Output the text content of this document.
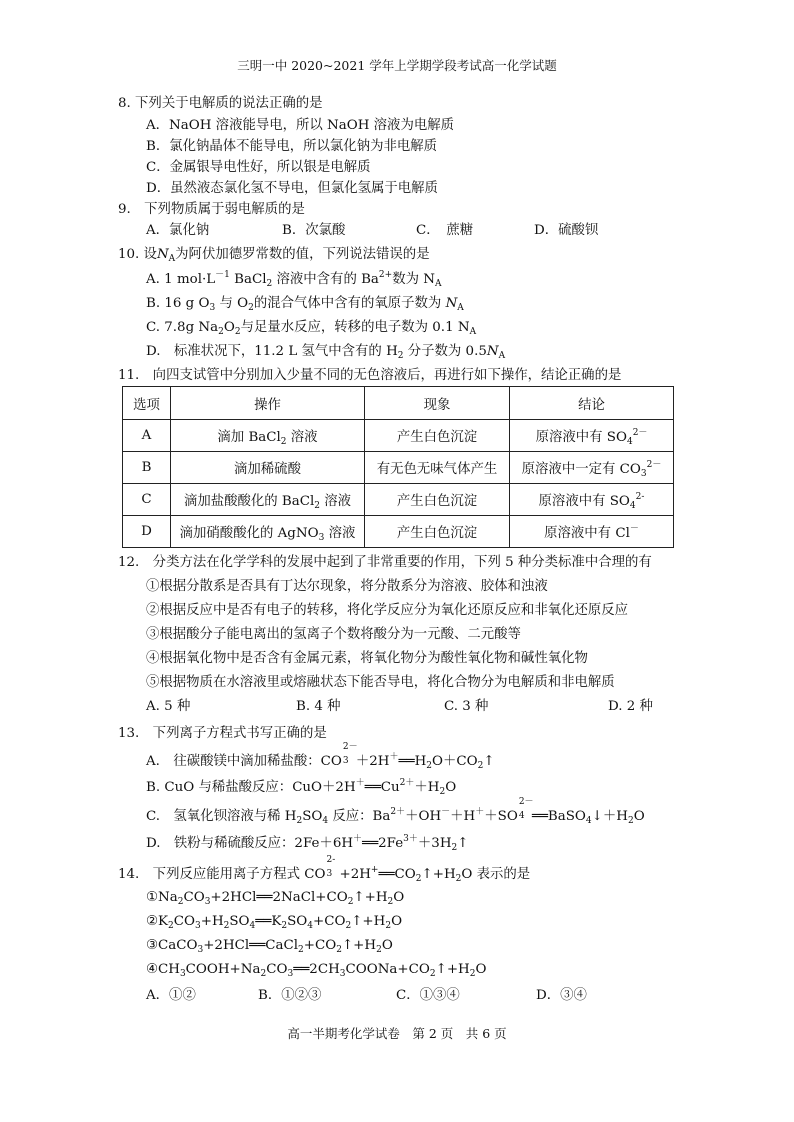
三明一中 2020~2021 学年上学期学段考试高一化学试题
8. 下列关于电解质的说法正确的是
A．NaOH 溶液能导电，所以 NaOH 溶液为电解质
B．氯化钠晶体不能导电，所以氯化钠为非电解质
C．金属银导电性好，所以银是电解质
D．虽然液态氯化氢不导电，但氯化氢属于电解质
9.　下列物质属于弱电解质的是
A．氯化钠	B．次氯酸	C．　蔗糖	D．硫酸钡
10. 设$N_A$为阿伏加德罗常数的值，下列说法错误的是
A. 1 $mol\cdot L^{-1}$ BaCl$_2$ 溶液中含有的 $Ba^{2+}$数为 $N_A$
B. 16 g $O_3$ 与 $O_2$的混合气体中含有的氧原子数为 $N_A$
C. 7.8g $Na_2O_2$与足量水反应，转移的电子数为 0.1 $N_A$
D.　标准状况下，11.2 L 氢气中含有的 $H_2$ 分子数为 $0.5N_A$
11.　向四支试管中分别加入少量不同的无色溶液后，再进行如下操作，结论正确的是
选项	操作	现象	结论
A	滴加 BaCl$_2$ 溶液	产生白色沉淀	原溶液中有 $SO_4^{2-}$
B	滴加稀硫酸	有无色无味气体产生	原溶液中一定有 $CO_3^{2-}$
C	滴加盐酸酸化的 BaCl$_2$ 溶液	产生白色沉淀	原溶液中有 $SO_4^{2-}$
D	滴加硝酸酸化的 AgNO$_3$ 溶液	产生白色沉淀	原溶液中有 Cl－
12.　分类方法在化学学科的发展中起到了非常重要的作用，下列 5 种分类标准中合理的有
①根据分散系是否具有丁达尔现象，将分散系分为溶液、胶体和浊液
②根据反应中是否有电子的转移，将化学反应分为氧化还原反应和非氧化还原反应
③根据酸分子能电离出的氢离子个数将酸分为一元酸、二元酸等
④根据氧化物中是否含有金属元素，将氧化物分为酸性氧化物和碱性氧化物
⑤根据物质在水溶液里或熔融状态下能否导电，将化合物分为电解质和非电解质
A. 5 种	B. 4 种	C. 3 种	D. 2 种
13.　下列离子方程式书写正确的是
A.　往碳酸镁中滴加稀盐酸：CO
2－
$3 +2H^+══H_2O+CO_2↑$
B. CuO 与稀盐酸反应：$CuO+2H^+══Cu^{2+}+H_2O$
C.　氢氧化钡溶液与稀 $H_2SO_4$ 反应：$Ba^{2+}+OH^-+H^++SO$
2－
4 $══BaSO_4↓+H_2O$
D.　铁粉与稀硫酸反应：$2Fe+6H^+══2Fe^{3+}+3H_2↑$
14.　下列反应能用离子方程式 CO
2-
$3 +2H^+══CO_2↑+H_2O$ 表示的是
$①Na_2CO_3+2HCl══2NaCl+CO_2↑+H_2O$
$②K_2CO_3+H_2SO_4══K_2SO_4+CO_2↑+H_2O$
$③CaCO_3+2HCl══CaCl_2+CO_2↑+H_2O$
$④CH_3COOH+Na_2CO_3══2CH_3COONa+CO_2↑+H_2O$
A．①②	B．①②③	C．①③④	D．③④
高一半期考化学试卷　第 2 页　共 6 页
